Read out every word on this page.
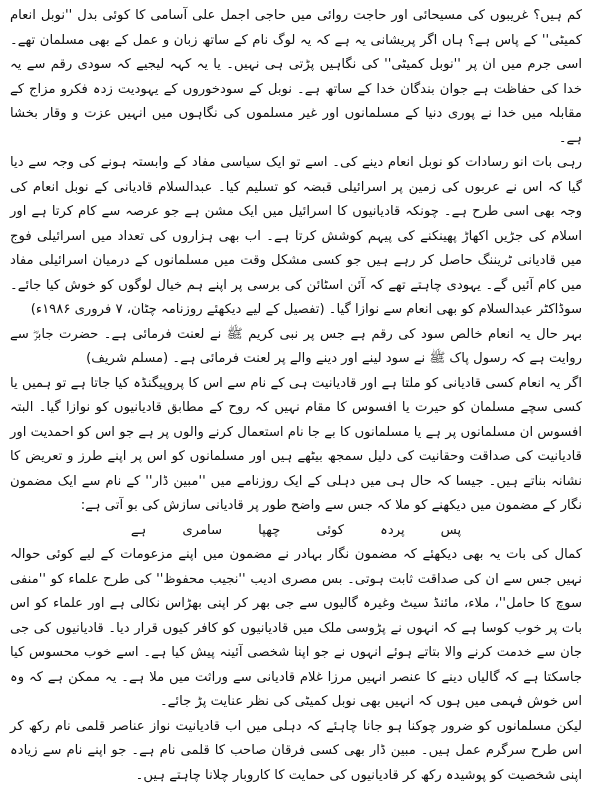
کم ہیں؟ غریبوں کی مسیحائی اور حاجت روائی میں حاجی اجمل علی آسامی کا کوئی بدل ''نوبل انعام کمیٹی'' کے پاس ہے؟ ہاں اگر پریشانی یہ ہے کہ یہ لوگ نام کے ساتھ زبان و عمل کے بھی مسلمان تھے۔ اسی جرم میں ان پر ''نوبل کمیٹی'' کی نگاہیں پڑتی ہی نہیں۔ یا یہ کہہ لیجیے کہ سودی رقم سے یہ خدا کی حفاظت ہے جوان بندگان خدا کے ساتھ ہے۔ نوبل کے سودخوروں کے یہودیت زدہ فکرو مزاج کے مقابلہ میں خدا نے پوری دنیا کے مسلمانوں اور غیر مسلموں کی نگاہوں میں انہیں عزت و وقار بخشا ہے۔

رہی بات انو رسادات کو نوبل انعام دینے کی۔ اسے تو ایک سیاسی مفاد کے وابستہ ہونے کی وجہ سے دیا گیا کہ اس نے عربوں کی زمین پر اسرائیلی قبضہ کو تسلیم کیا۔ عبدالسلام قادیانی کے نوبل انعام کی وجہ بھی اسی طرح ہے۔ چونکہ قادیانیوں کا اسرائیل میں ایک مشن ہے جو عرصہ سے کام کرتا ہے اور اسلام کی جڑیں اکھاڑ پھینکنے کی پیہم کوشش کرتا ہے۔ اب بھی ہزاروں کی تعداد میں اسرائیلی فوج میں قادیانی ٹریننگ حاصل کر رہے ہیں جو کسی مشکل وقت میں مسلمانوں کے درمیان اسرائیلی مفاد میں کام آئیں گے۔ یہودی چاہتے تھے کہ آئن اسٹائن کی برسی پر اپنے ہم خیال لوگوں کو خوش کیا جائے۔ سوڈاکٹر عبدالسلام کو بھی انعام سے نوازا گیا۔ (تفصیل کے لیے دیکھئے روزنامہ چٹان، ۷ فروری ۱۹۸۶ء)

بہر حال یہ انعام خالص سود کی رقم ہے جس پر نبی کریم ﷺ نے لعنت فرمائی ہے۔ حضرت جابرؓ سے روایت ہے کہ رسول پاک ﷺ نے سود لینے اور دینے والے پر لعنت فرمائی ہے۔ (مسلم شریف)

اگر یہ انعام کسی قادیانی کو ملتا ہے اور قادیانیت ہی کے نام سے اس کا پروپیگنڈہ کیا جاتا ہے تو ہمیں یا کسی سچے مسلمان کو حیرت یا افسوس کا مقام نہیں کہ روح کے مطابق قادیانیوں کو نوازا گیا۔ البتہ افسوس ان مسلمانوں پر ہے یا مسلمانوں کا بے جا نام استعمال کرنے والوں پر ہے جو اس کو احمدیت اور قادیانیت کی صداقت وحقانیت کی دلیل سمجھ بیٹھے ہیں اور مسلمانوں کو اس پر اپنے طرز و تعریض کا نشانہ بناتے ہیں۔ جیسا کہ حال ہی میں دہلی کے ایک روزنامے میں ''مبین ڈار'' کے نام سے ایک مضمون نگار کے مضمون میں دیکھنے کو ملا کہ جس سے واضح طور پر قادیانی سازش کی بو آتی ہے:

پس
پردہ
کوئی
چھپا
سامری
ہے

کمال کی بات یہ بھی دیکھئے کہ مضمون نگار بہادر نے مضمون میں اپنے مزعومات کے لیے کوئی حوالہ نہیں جس سے ان کی صداقت ثابت ہوتی۔ بس مصری ادیب ''نجیب محفوظ'' کی طرح علماء کو ''منفی سوچ کا حامل''، ملاء، مائنڈ سیٹ وغیرہ گالیوں سے جی بھر کر اپنی بھڑاس نکالی ہے اور علماء کو اس بات پر خوب کوسا ہے کہ انہوں نے پڑوسی ملک میں قادیانیوں کو کافر کیوں قرار دیا۔ قادیانیوں کی جی جان سے خدمت کرنے والا بتاتے ہوئے انہوں نے جو اپنا شخصی آئینہ پیش کیا ہے۔ اسے خوب محسوس کیا جاسکتا ہے کہ گالیاں دینے کا عنصر انہیں مرزا غلام قادیانی سے وراثت میں ملا ہے۔ یہ ممکن ہے کہ وہ اس خوش فہمی میں ہوں کہ انہیں بھی نوبل کمیٹی کی نظر عنایت پڑ جائے۔

لیکن مسلمانوں کو ضرور چوکنا ہو جانا چاہئے کہ دہلی میں اب قادیانیت نواز عناصر قلمی نام رکھ کر اس طرح سرگرم عمل ہیں۔ مبین ڈار بھی کسی فرقان صاحب کا قلمی نام ہے۔ جو اپنے نام سے زیادہ اپنی شخصیت کو پوشیدہ رکھ کر قادیانیوں کی حمایت کا کاروبار چلانا چاہتے ہیں۔
